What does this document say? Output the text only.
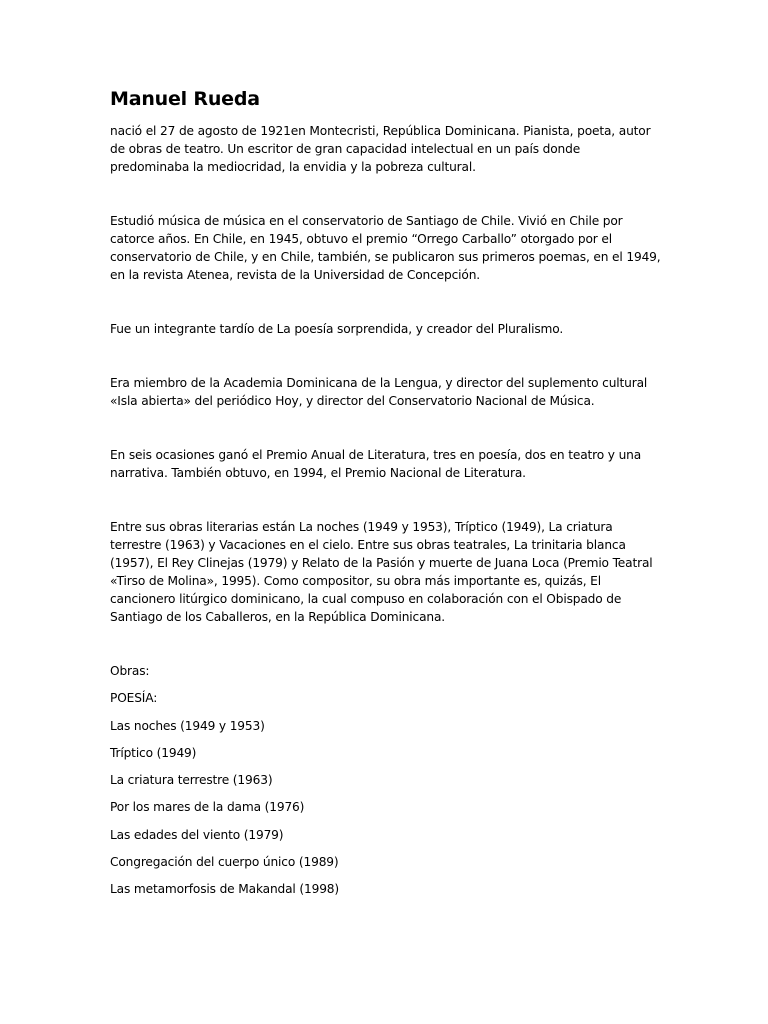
Manuel Rueda

nació el 27 de agosto de 1921en Montecristi, República Dominicana. Pianista, poeta, autor de obras de teatro. Un escritor de gran capacidad intelectual en un país donde predominaba la mediocridad, la envidia y la pobreza cultural.

Estudió música de música en el conservatorio de Santiago de Chile. Vivió en Chile por catorce años. En Chile, en 1945, obtuvo el premio “Orrego Carballo” otorgado por el conservatorio de Chile, y en Chile, también, se publicaron sus primeros poemas, en el 1949, en la revista Atenea, revista de la Universidad de Concepción.

Fue un integrante tardío de La poesía sorprendida, y creador del Pluralismo.

Era miembro de la Academia Dominicana de la Lengua, y director del suplemento cultural «Isla abierta» del periódico Hoy, y director del Conservatorio Nacional de Música.

En seis ocasiones ganó el Premio Anual de Literatura, tres en poesía, dos en teatro y una narrativa. También obtuvo, en 1994, el Premio Nacional de Literatura.

Entre sus obras literarias están La noches (1949 y 1953), Tríptico (1949), La criatura terrestre (1963) y Vacaciones en el cielo. Entre sus obras teatrales, La trinitaria blanca (1957), El Rey Clinejas (1979) y Relato de la Pasión y muerte de Juana Loca (Premio Teatral «Tirso de Molina», 1995). Como compositor, su obra más importante es, quizás, El cancionero litúrgico dominicano, la cual compuso en colaboración con el Obispado de Santiago de los Caballeros, en la República Dominicana.

Obras:

POESÍA:

Las noches (1949 y 1953)

Tríptico (1949)

La criatura terrestre (1963)

Por los mares de la dama (1976)

Las edades del viento (1979)

Congregación del cuerpo único (1989)

Las metamorfosis de Makandal (1998)
